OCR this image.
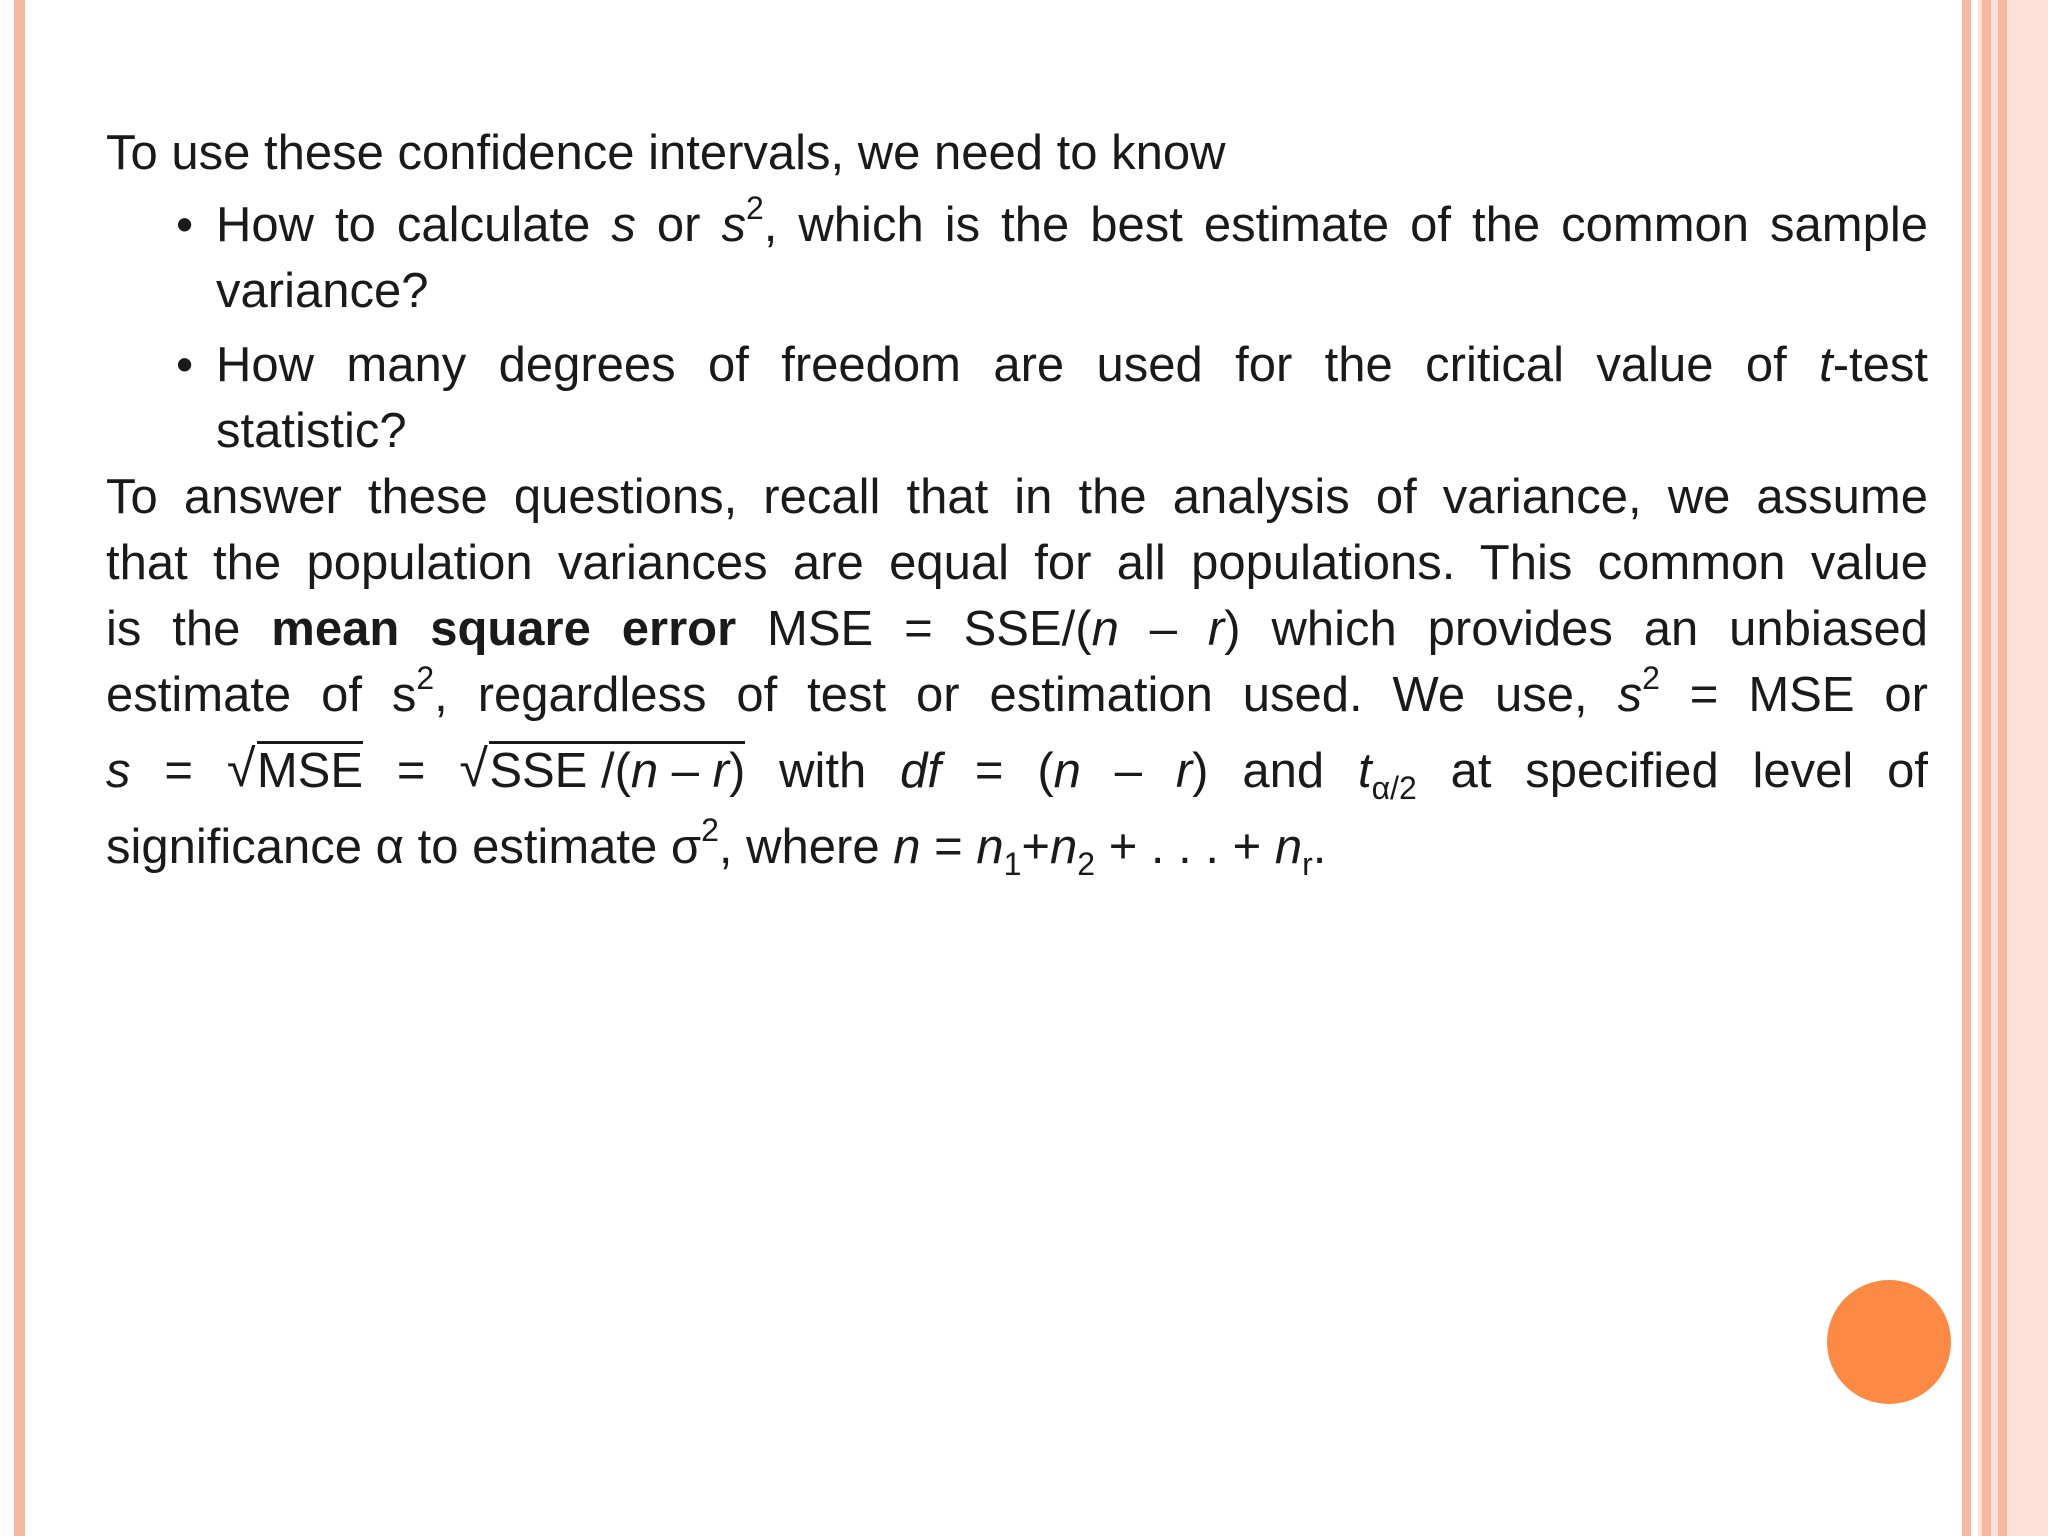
To use these confidence intervals, we need to know
• How to calculate s or $s^2$, which is the best estimate of the common sample
variance?
• How many degrees of freedom are used for the critical value of t-test
statistic?
To answer these questions, recall that in the analysis of variance, we assume
that the population variances are equal for all populations. This common value
is the mean square error MSE = SSE/(n – r) which provides an unbiased
estimate of $s^2$, regardless of test or estimation used. We use, $s^2$ = MSE or
s = √ MSE = √ SSE /(n – r) with df = (n – r) and $t_{\alpha/2}$ at specified level of
significance α to estimate $\sigma^2$, where $n = n_1+n_2$ + . . . + $n_r$.
